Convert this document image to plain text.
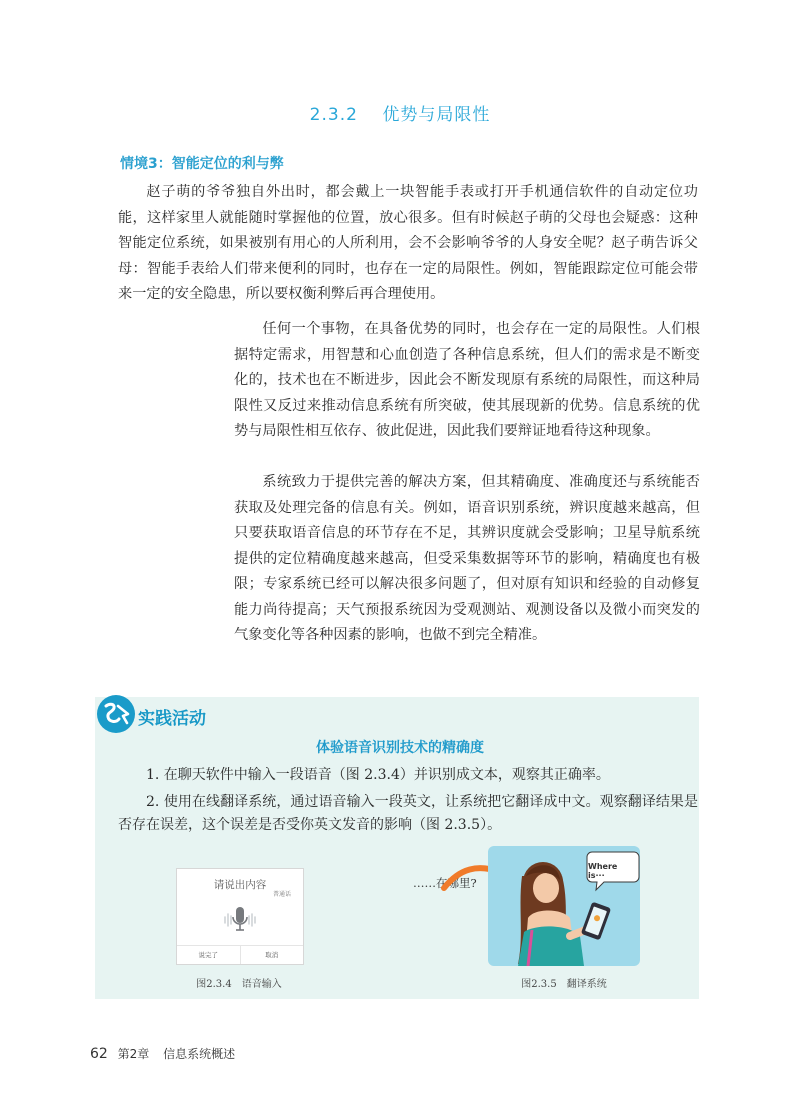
2.3.2 优势与局限性
情境3：智能定位的利与弊

赵子萌的爷爷独自外出时，都会戴上一块智能手表或打开手机通信软件的自动定位功能，这样家里人就能随时掌握他的位置，放心很多。但有时候赵子萌的父母也会疑惑：这种智能定位系统，如果被别有用心的人所利用，会不会影响爷爷的人身安全呢？赵子萌告诉父母：智能手表给人们带来便利的同时，也存在一定的局限性。例如，智能跟踪定位可能会带来一定的安全隐患，所以要权衡利弊后再合理使用。

任何一个事物，在具备优势的同时，也会存在一定的局限性。人们根据特定需求，用智慧和心血创造了各种信息系统，但人们的需求是不断变化的，技术也在不断进步，因此会不断发现原有系统的局限性，而这种局限性又反过来推动信息系统有所突破，使其展现新的优势。信息系统的优势与局限性相互依存、彼此促进，因此我们要辩证地看待这种现象。

系统致力于提供完善的解决方案，但其精确度、准确度还与系统能否获取及处理完备的信息有关。例如，语音识别系统，辨识度越来越高，但只要获取语音信息的环节存在不足，其辨识度就会受影响；卫星导航系统提供的定位精确度越来越高，但受采集数据等环节的影响，精确度也有极限；专家系统已经可以解决很多问题了，但对原有知识和经验的自动修复能力尚待提高；天气预报系统因为受观测站、观测设备以及微小而突发的气象变化等各种因素的影响，也做不到完全精准。

实践活动
体验语音识别技术的精确度

1. 在聊天软件中输入一段语音（图 2.3.4）并识别成文本，观察其正确率。

2. 使用在线翻译系统，通过语音输入一段英文，让系统把它翻译成中文。观察翻译结果是否存在误差，这个误差是否受你英文发音的影响（图 2.3.5）。

请说出内容
普通话
说完了	取消
图2.3.4　语音输入
……在哪里?
Where is···
图2.3.5　翻译系统
62 第2章 信息系统概述
